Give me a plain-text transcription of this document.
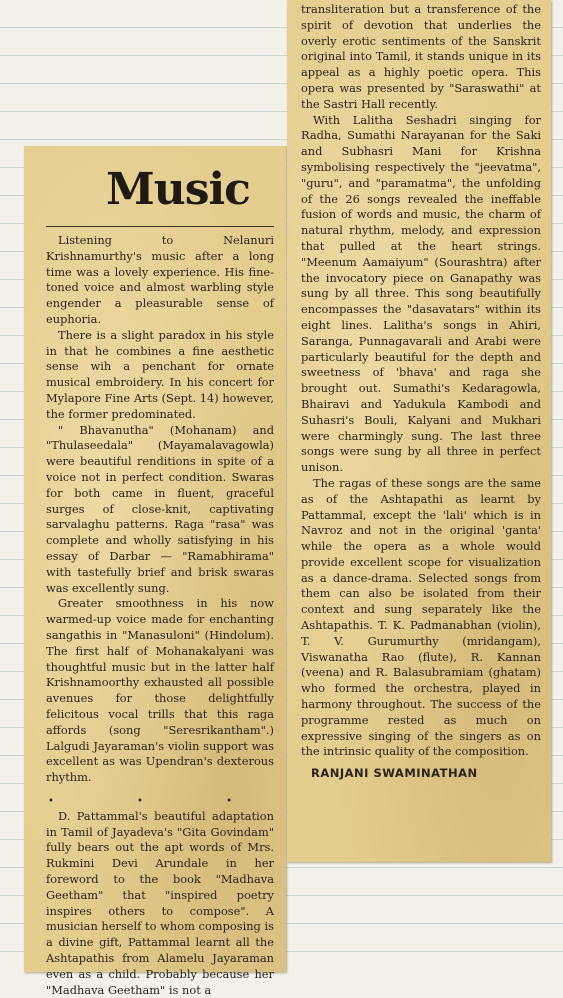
Music

Listening to Nelanuri Krishnamurthy's music after a long time was a lovely experience. His fine-toned voice and almost warbling style engender a pleasurable sense of euphoria.

There is a slight paradox in his style in that he combines a fine aesthetic sense wih a penchant for ornate musical embroidery. In his concert for Mylapore Fine Arts (Sept. 14) however, the former predominated.

" Bhavanutha" (Mohanam) and "Thulaseedala" (Mayamalavagowla) were beautiful renditions in spite of a voice not in perfect condition. Swaras for both came in fluent, graceful surges of close-knit, captivating sarvalaghu patterns. Raga "rasa" was complete and wholly satisfying in his essay of Darbar — "Ramabhirama" with tastefully brief and brisk swaras was excellently sung.

Greater smoothness in his now warmed-up voice made for enchanting sangathis in "Manasuloni" (Hindolum). The first half of Mohanakalyani was thoughtful music but in the latter half Krishnamoorthy exhausted all possible avenues for those delightfully felicitous vocal trills that this raga affords (song "Seresrikantham".) Lalgudi Jayaraman's violin support was excellent as was Upendran's dexterous rhythm.

• • •

D. Pattammal's beautiful adaptation in Tamil of Jayadeva's "Gita Govindam" fully bears out the apt words of Mrs. Rukmini Devi Arundale in her foreword to the book "Madhava Geetham" that "inspired poetry inspires others to compose". A musician herself to whom composing is a divine gift, Pattammal learnt all the Ashtapathis from Alamelu Jayaraman even as a child. Probably because her "Madhava Geetham" is not a

transliteration but a transference of the spirit of devotion that underlies the overly erotic sentiments of the Sanskrit original into Tamil, it stands unique in its appeal as a highly poetic opera. This opera was presented by "Saraswathi" at the Sastri Hall recently.

With Lalitha Seshadri singing for Radha, Sumathi Narayanan for the Saki and Subhasri Mani for Krishna symbolising respectively the "jeevatma", "guru", and "paramatma", the unfolding of the 26 songs revealed the ineffable fusion of words and music, the charm of natural rhythm, melody, and expression that pulled at the heart strings. "Meenum Aamaiyum" (Sourashtra) after the invocatory piece on Ganapathy was sung by all three. This song beautifully encompasses the "dasavatars" within its eight lines. Lalitha's songs in Ahiri, Saranga, Punnagavarali and Arabi were particularly beautiful for the depth and sweetness of 'bhava' and raga she brought out. Sumathi's Kedaragowla, Bhairavi and Yadukula Kambodi and Suhasri's Bouli, Kalyani and Mukhari were charmingly sung. The last three songs were sung by all three in perfect unison.

The ragas of these songs are the same as of the Ashtapathi as learnt by Pattammal, except the 'lali' which is in Navroz and not in the original 'ganta' while the opera as a whole would provide excellent scope for visualization as a dance-drama. Selected songs from them can also be isolated from their context and sung separately like the Ashtapathis. T. K. Padmanabhan (violin), T. V. Gurumurthy (mridangam), Viswanatha Rao (flute), R. Kannan (veena) and R. Balasubramiam (ghatam) who formed the orchestra, played in harmony throughout. The success of the programme rested as much on expressive singing of the singers as on the intrinsic quality of the composition.

RANJANI SWAMINATHAN
